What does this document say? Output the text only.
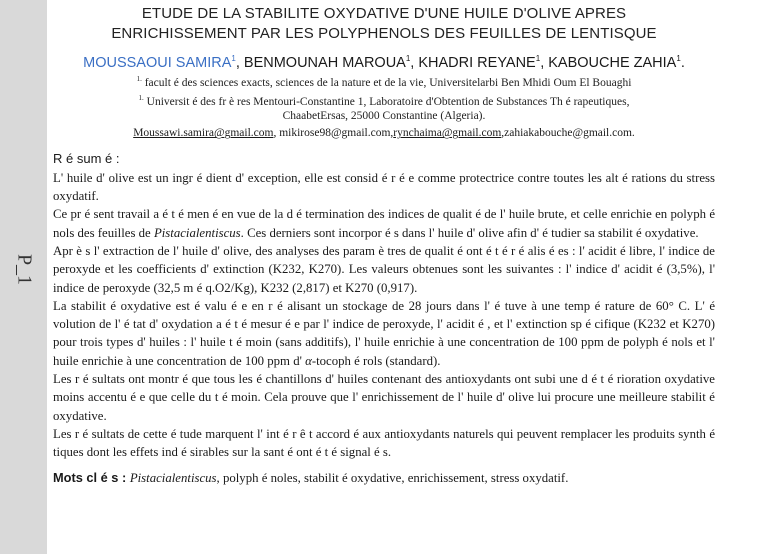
P_1
ETUDE DE LA STABILITE OXYDATIVE D'UNE HUILE D'OLIVE APRES
ENRICHISSEMENT PAR LES POLYPHENOLS DES FEUILLES DE LENTISQUE
MOUSSAOUI SAMIRA$^1$, BENMOUNAH MAROUA$^1$, KHADRI REYANE$^1$, KABOUCHE ZAHIA$^1$.
$^{1.}$ facult é des sciences exacts, sciences de la nature et de la vie, Universitelarbi Ben Mhidi Oum El Bouaghi
$^{1.}$ Universit é des fr è res Mentouri-Constantine 1, Laboratoire d'Obtention de Substances Th é rapeutiques,
ChaabetErsas, 25000 Constantine (Algeria).
Moussawi.samira@gmail.com, mikirose98@gmail.com,rynchaima@gmail.com,zahiakabouche@gmail.com.

R é sum é :

L' huile d' olive est un ingr é dient d' exception, elle est consid é r é e comme protectrice contre toutes les alt é rations du stress oxydatif.

Ce pr é sent travail a é t é men é en vue de la d é termination des indices de qualit é de l' huile brute, et celle enrichie en polyph é nols des feuilles de Pistacialentiscus. Ces derniers sont incorpor é s dans l' huile d' olive afin d' é tudier sa stabilit é oxydative.

Apr è s l' extraction de l' huile d' olive, des analyses des param è tres de qualit é ont é t é r é alis é es : l' acidit é libre, l' indice de peroxyde et les coefficients d' extinction (K232, K270). Les valeurs obtenues sont les suivantes : l' indice d' acidit é (3,5%), l' indice de peroxyde (32,5 m é q.O2/Kg), K232 (2,817) et K270 (0,917).

La stabilit é oxydative est é valu é e en r é alisant un stockage de 28 jours dans l' é tuve à une temp é rature de 60° C. L' é volution de l' é tat d' oxydation a é t é mesur é e par l' indice de peroxyde, l' acidit é , et l' extinction sp é cifique (K232 et K270) pour trois types d' huiles : l' huile t é moin (sans additifs), l' huile enrichie à une concentration de 100 ppm de polyph é nols et l' huile enrichie à une concentration de 100 ppm d' α-tocoph é rols (standard).

Les r é sultats ont montr é que tous les é chantillons d' huiles contenant des antioxydants ont subi une d é t é rioration oxydative moins accentu é e que celle du t é moin. Cela prouve que l' enrichissement de l' huile d' olive lui procure une meilleure stabilit é oxydative.

Les r é sultats de cette é tude marquent l' int é r ê t accord é aux antioxydants naturels qui peuvent remplacer les produits synth é tiques dont les effets ind é sirables sur la sant é ont é t é signal é s.

Mots cl é s : Pistacialentiscus, polyph é noles, stabilit é oxydative, enrichissement, stress oxydatif.
